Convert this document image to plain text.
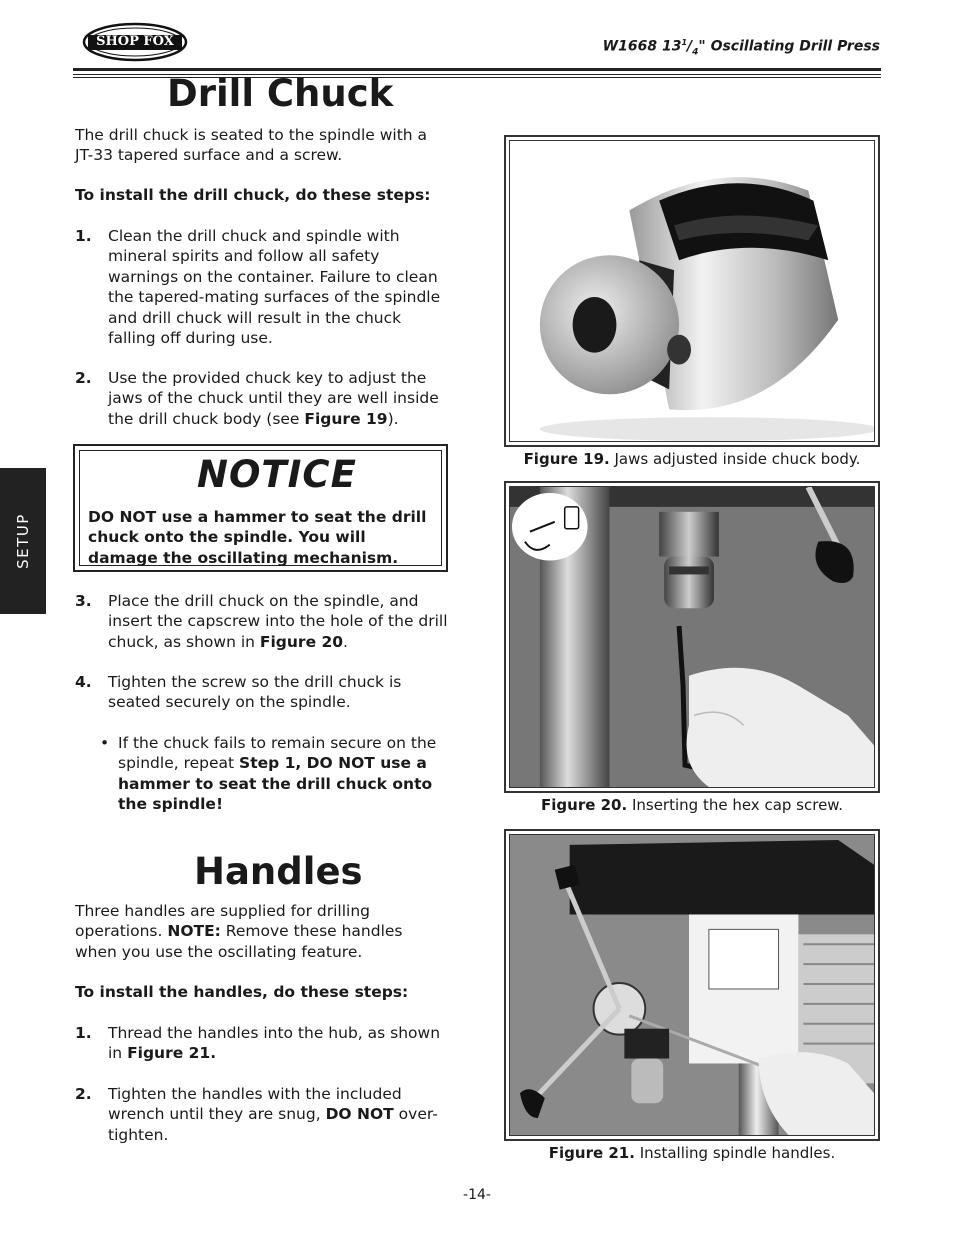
SHOP FOX	W1668 $13^1/_4$" Oscillating Drill Press
SETUP
Drill Chuck
The drill chuck is seated to the spindle with a JT-33 tapered surface and a screw.
To install the drill chuck, do these steps:
1. Clean the drill chuck and spindle with mineral spirits and follow all safety warnings on the container. Failure to clean the tapered-mating surfaces of the spindle and drill chuck will result in the chuck falling off during use.
2. Use the provided chuck key to adjust the jaws of the chuck until they are well inside the drill chuck body (see Figure 19).
NOTICE
DO NOT use a hammer to seat the drill chuck onto the spindle. You will damage the oscillating mechanism.
3. Place the drill chuck on the spindle, and insert the capscrew into the hole of the drill chuck, as shown in Figure 20.
4. Tighten the screw so the drill chuck is seated securely on the spindle.
• If the chuck fails to remain secure on the spindle, repeat Step 1, DO NOT use a hammer to seat the drill chuck onto the spindle!
Handles
Three handles are supplied for drilling operations. NOTE: Remove these handles when you use the oscillating feature.
To install the handles, do these steps:
1. Thread the handles into the hub, as shown in Figure 21.
2. Tighten the handles with the included wrench until they are snug, DO NOT over-tighten.
Figure 19. Jaws adjusted inside chuck body.
Figure 20. Inserting the hex cap screw.
Figure 21. Installing spindle handles.
-14-
